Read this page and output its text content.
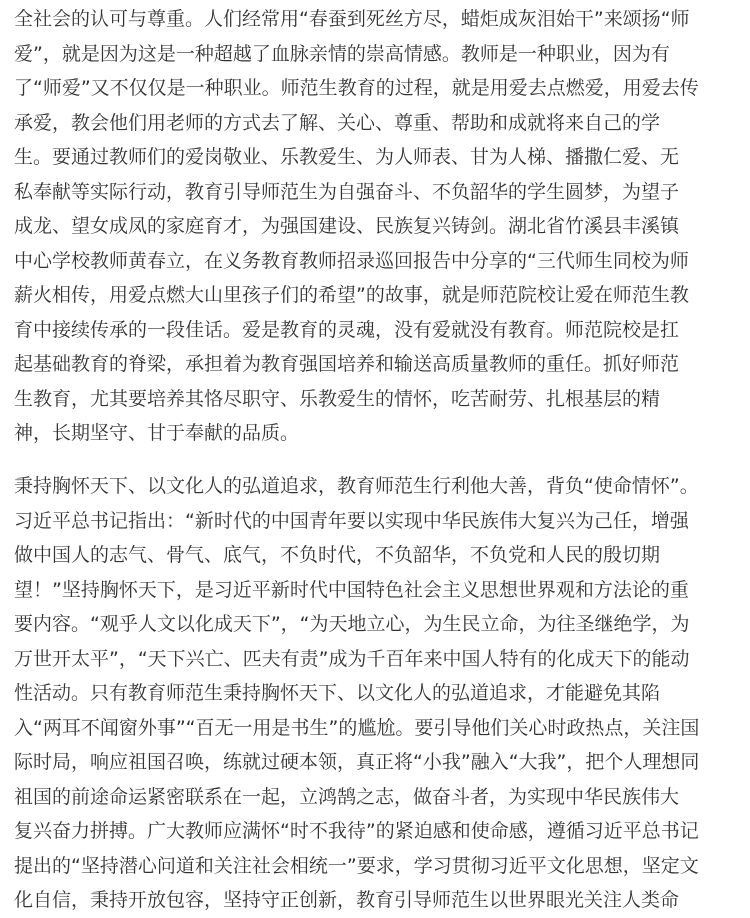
全社会的认可与尊重。人们经常用“春蚕到死丝方尽，蜡炬成灰泪始干”来颂扬“师
爱”，就是因为这是一种超越了血脉亲情的崇高情感。教师是一种职业，因为有
了“师爱”又不仅仅是一种职业。师范生教育的过程，就是用爱去点燃爱，用爱去传
承爱，教会他们用老师的方式去了解、关心、尊重、帮助和成就将来自己的学
生。要通过教师们的爱岗敬业、乐教爱生、为人师表、甘为人梯、播撒仁爱、无
私奉献等实际行动，教育引导师范生为自强奋斗、不负韶华的学生圆梦，为望子
成龙、望女成凤的家庭育才，为强国建设、民族复兴铸剑。湖北省竹溪县丰溪镇
中心学校教师黄春立，在义务教育教师招录巡回报告中分享的“三代师生同校为师
薪火相传，用爱点燃大山里孩子们的希望”的故事，就是师范院校让爱在师范生教
育中接续传承的一段佳话。爱是教育的灵魂，没有爱就没有教育。师范院校是扛
起基础教育的脊梁，承担着为教育强国培养和输送高质量教师的重任。抓好师范
生教育，尤其要培养其恪尽职守、乐教爱生的情怀，吃苦耐劳、扎根基层的精
神，长期坚守、甘于奉献的品质。
秉持胸怀天下、以文化人的弘道追求，教育师范生行利他大善，背负“使命情怀”。
习近平总书记指出：“新时代的中国青年要以实现中华民族伟大复兴为己任，增强
做中国人的志气、骨气、底气，不负时代，不负韶华，不负党和人民的殷切期
望！”坚持胸怀天下，是习近平新时代中国特色社会主义思想世界观和方法论的重
要内容。“观乎人文以化成天下”，“为天地立心，为生民立命，为往圣继绝学，为
万世开太平”，“天下兴亡、匹夫有责”成为千百年来中国人特有的化成天下的能动
性活动。只有教育师范生秉持胸怀天下、以文化人的弘道追求，才能避免其陷
入“两耳不闻窗外事”“百无一用是书生”的尴尬。要引导他们关心时政热点，关注国
际时局，响应祖国召唤，练就过硬本领，真正将“小我”融入“大我”，把个人理想同
祖国的前途命运紧密联系在一起，立鸿鹄之志，做奋斗者，为实现中华民族伟大
复兴奋力拼搏。广大教师应满怀“时不我待”的紧迫感和使命感，遵循习近平总书记
提出的“坚持潜心问道和关注社会相统一”要求，学习贯彻习近平文化思想，坚定文
化自信，秉持开放包容，坚持守正创新，教育引导师范生以世界眼光关注人类命
